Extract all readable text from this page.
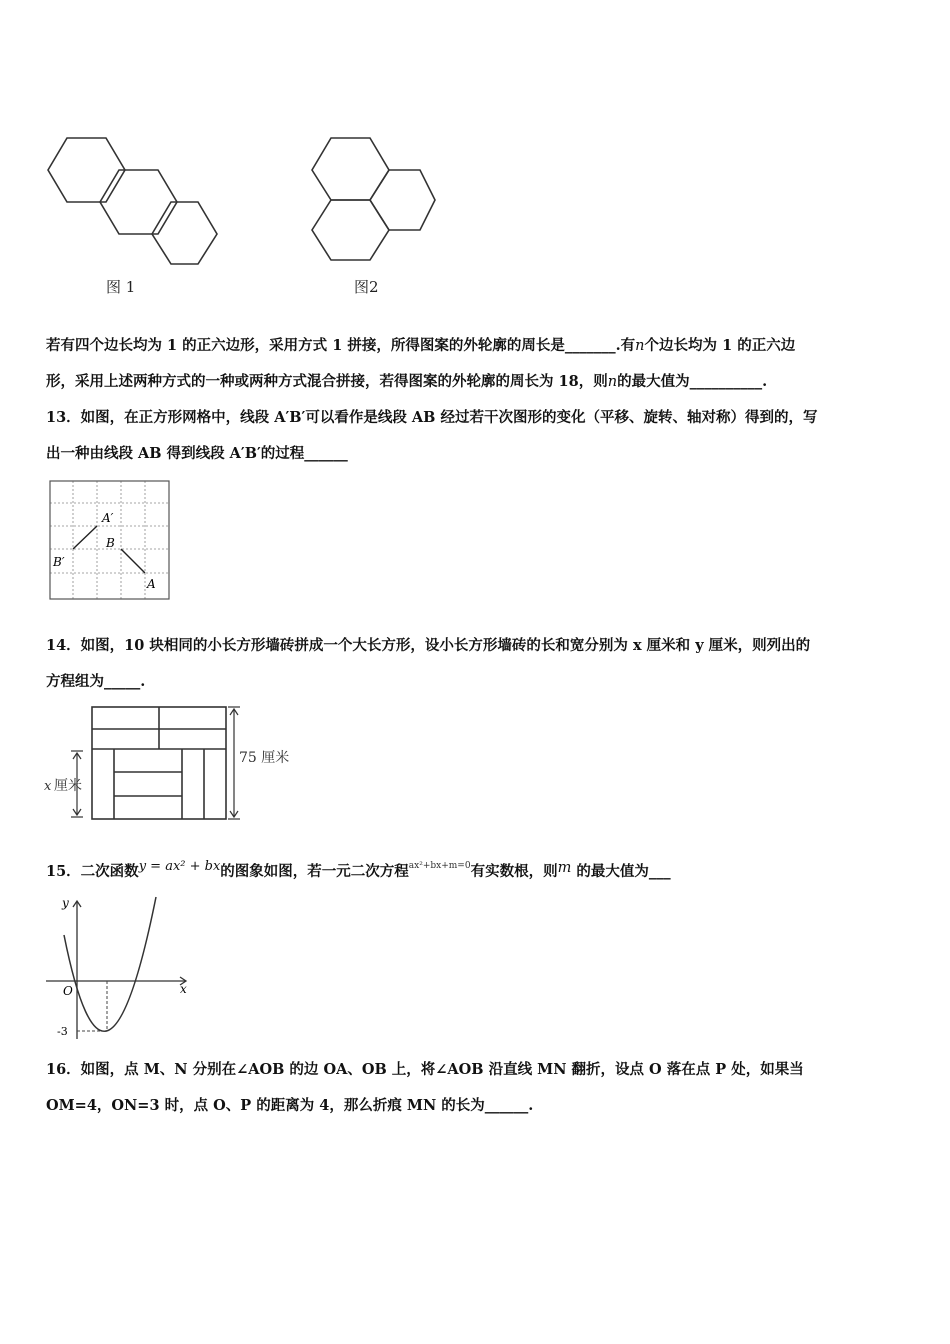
图 1	图2
若有四个边长均为 1 的正六边形，采用方式 1 拼接，所得图案的外轮廓的周长是_______.有n个边长均为 1 的正六边
形，采用上述两种方式的一种或两种方式混合拼接，若得图案的外轮廓的周长为 18，则n的最大值为__________.
13．如图，在正方形网格中，线段 A′B′可以看作是线段 AB 经过若干次图形的变化（平移、旋转、轴对称）得到的，写
出一种由线段 AB 得到线段 A′B′的过程______
A′
B
B′
A
14．如图，10 块相同的小长方形墙砖拼成一个大长方形，设小长方形墙砖的长和宽分别为 x 厘米和 y 厘米，则列出的
方程组为_____.
75 厘米
x 厘米
15．二次函数y = ax² + bx的图象如图，若一元二次方程$^{ax^2+bx+m=0}$有实数根，则m 的最大值为___
y
x
O
-3
16．如图，点 M、N 分别在∠AOB 的边 OA、OB 上，将∠AOB 沿直线 MN 翻折，设点 O 落在点 P 处，如果当
OM=4，ON=3 时，点 O、P 的距离为 4，那么折痕 MN 的长为______.
